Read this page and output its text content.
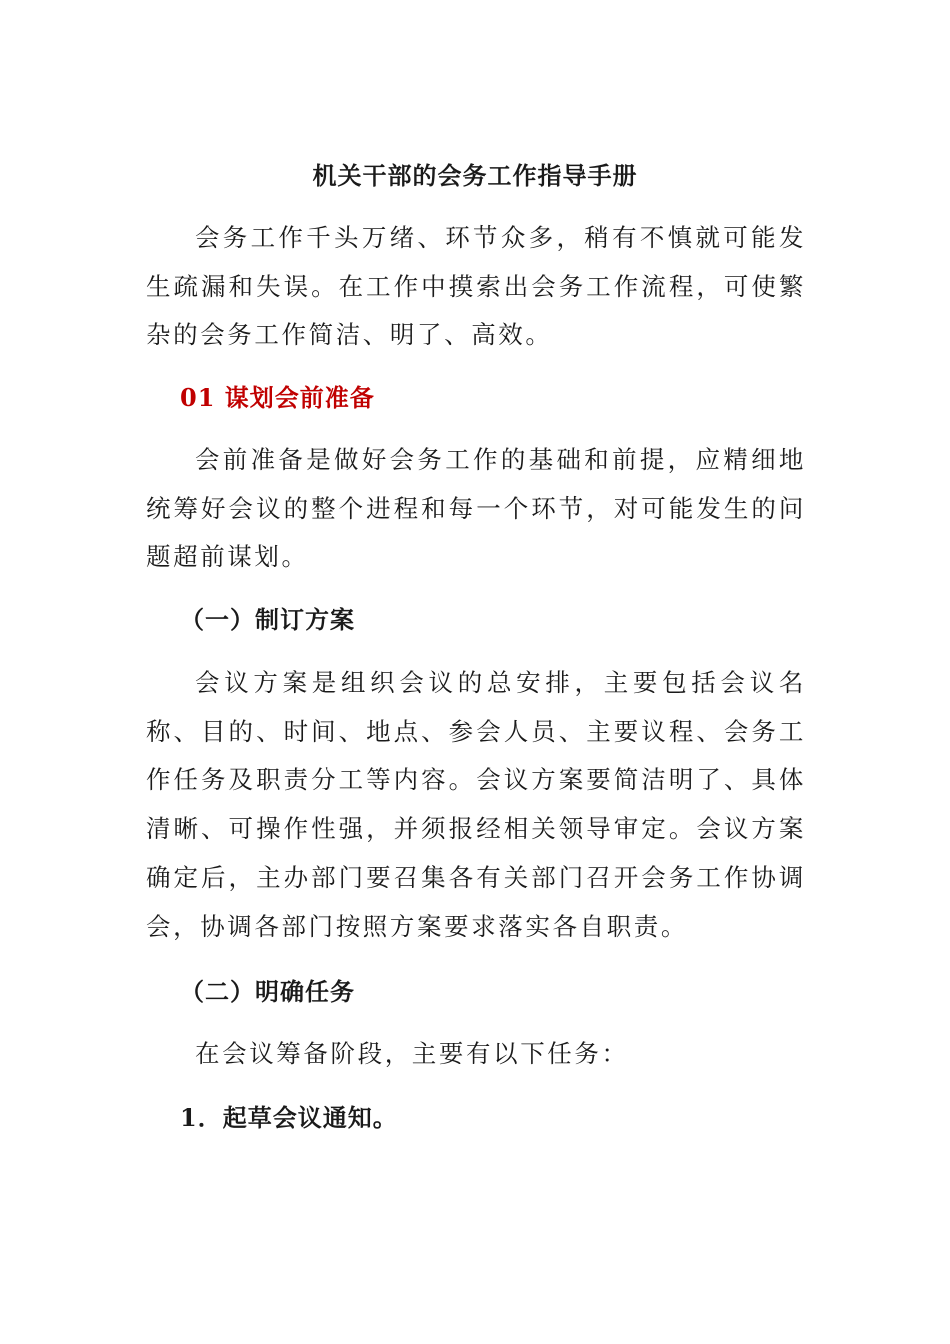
机关干部的会务工作指导手册

会务工作千头万绪、环节众多，稍有不慎就可能发生疏漏和失误。在工作中摸索出会务工作流程，可使繁杂的会务工作简洁、明了、高效。

01 谋划会前准备

会前准备是做好会务工作的基础和前提，应精细地统筹好会议的整个进程和每一个环节，对可能发生的问题超前谋划。

（一）制订方案

会议方案是组织会议的总安排，主要包括会议名称、目的、时间、地点、参会人员、主要议程、会务工作任务及职责分工等内容。会议方案要简洁明了、具体清晰、可操作性强，并须报经相关领导审定。会议方案确定后，主办部门要召集各有关部门召开会务工作协调会，协调各部门按照方案要求落实各自职责。

（二）明确任务

在会议筹备阶段，主要有以下任务：

1．起草会议通知。
